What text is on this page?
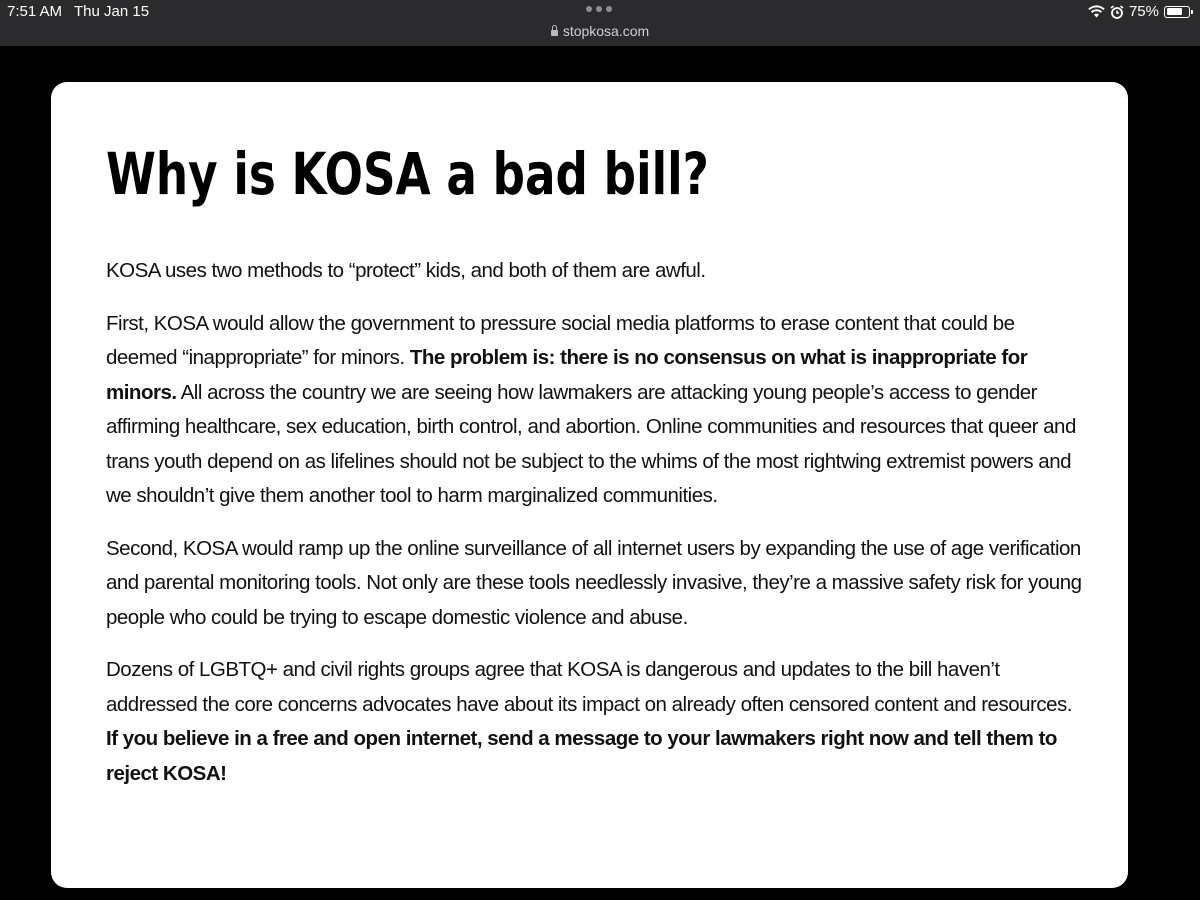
7:51 AM Thu Jan 15
stopkosa.com
75%
Why is KOSA a bad bill?

KOSA uses two methods to “protect” kids, and both of them are awful.

First, KOSA would allow the government to pressure social media platforms to erase content that could be deemed “inappropriate” for minors. The problem is: there is no consensus on what is inappropriate for minors. All across the country we are seeing how lawmakers are attacking young people’s access to gender affirming healthcare, sex education, birth control, and abortion. Online communities and resources that queer and trans youth depend on as lifelines should not be subject to the whims of the most rightwing extremist powers and we shouldn’t give them another tool to harm marginalized communities.

Second, KOSA would ramp up the online surveillance of all internet users by expanding the use of age verification and parental monitoring tools. Not only are these tools needlessly invasive, they’re a massive safety risk for young people who could be trying to escape domestic violence and abuse.

Dozens of LGBTQ+ and civil rights groups agree that KOSA is dangerous and updates to the bill haven’t addressed the core concerns advocates have about its impact on already often censored content and resources. If you believe in a free and open internet, send a message to your lawmakers right now and tell them to reject KOSA!
